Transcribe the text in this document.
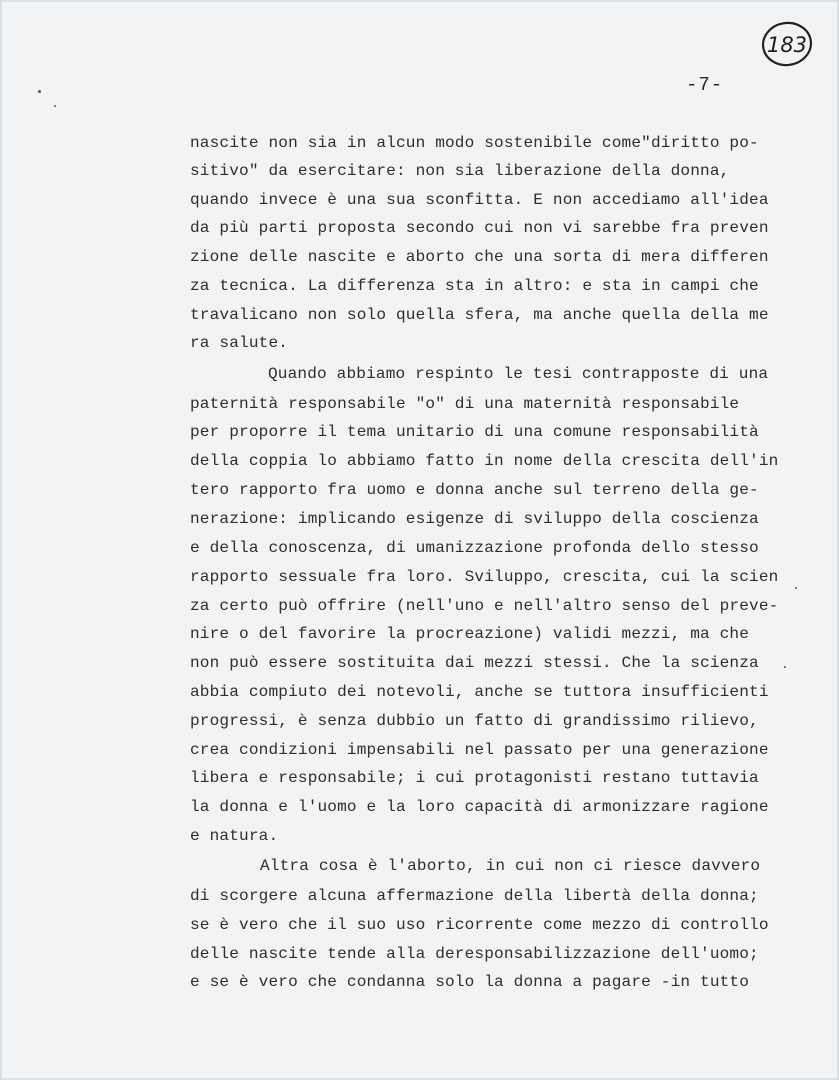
183
-7-
nascite non sia in alcun modo sostenibile come"diritto po-
sitivo" da esercitare: non sia liberazione della donna,
quando invece è una sua sconfitta. E non accediamo all'idea
da più parti proposta secondo cui non vi sarebbe fra preven
zione delle nascite e aborto che una sorta di mera differen
za tecnica. La differenza sta in altro: e sta in campi che
travalicano non solo quella sfera, ma anche quella della me
ra salute.
Quando abbiamo respinto le tesi contrapposte di una
paternità responsabile "o" di una maternità responsabile
per proporre il tema unitario di una comune responsabilità
della coppia lo abbiamo fatto in nome della crescita dell'in
tero rapporto fra uomo e donna anche sul terreno della ge-
nerazione: implicando esigenze di sviluppo della coscienza
e della conoscenza, di umanizzazione profonda dello stesso
rapporto sessuale fra loro. Sviluppo, crescita, cui la scien
za certo può offrire (nell'uno e nell'altro senso del preve-
nire o del favorire la procreazione) validi mezzi, ma che
non può essere sostituita dai mezzi stessi. Che la scienza
abbia compiuto dei notevoli, anche se tuttora insufficienti
progressi, è senza dubbio un fatto di grandissimo rilievo,
crea condizioni impensabili nel passato per una generazione
libera e responsabile; i cui protagonisti restano tuttavia
la donna e l'uomo e la loro capacità di armonizzare ragione
e natura.
Altra cosa è l'aborto, in cui non ci riesce davvero
di scorgere alcuna affermazione della libertà della donna;
se è vero che il suo uso ricorrente come mezzo di controllo
delle nascite tende alla deresponsabilizzazione dell'uomo;
e se è vero che condanna solo la donna a pagare -in tutto
